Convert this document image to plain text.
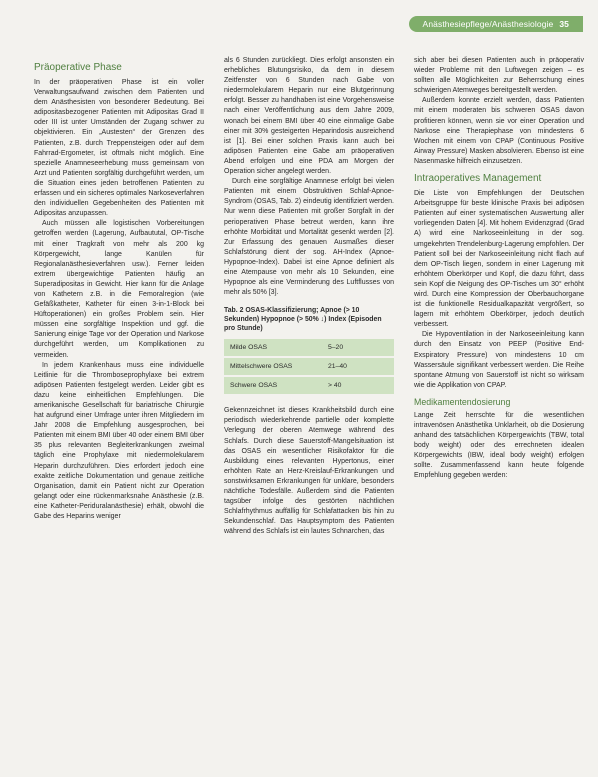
Anästhesiepflege/Anästhesiologie 35
Präoperative Phase

In der präoperativen Phase ist ein voller Verwaltungsaufwand zwischen dem Patienten und dem Anästhesisten von besonderer Bedeutung. Bei adipositasbezogener Patienten mit Adipositas Grad II oder III ist unter Umständen der Zugang schwer zu objektivieren. Ein „Austesten“ der Grenzen des Patienten, z.B. durch Treppensteigen oder auf dem Fahrrad-Ergometer, ist oftmals nicht möglich. Eine spezielle Anamneseerhebung muss gemeinsam von Arzt und Patienten sorgfältig durchgeführt werden, um die Situation eines jeden betroffenen Patienten zu erfassen und ein sicheres optimales Narkoseverfahren den individuellen Gegebenheiten des Patienten mit Adipositas anzupassen.

Auch müssen alle logistischen Vorbereitungen getroffen werden (Lagerung, Aufbaututal, OP-Tische mit einer Tragkraft von mehr als 200 kg Körpergewicht, lange Kanülen für Regionalanästhesieverfahren usw.). Ferner leiden extrem übergewichtige Patienten häufig an Superadipositas in Gewicht. Hier kann für die Anlage von Kathetern z.B. in die Femoralregion (wie Gefäßkatheter, Katheter für einen 3-in-1-Block bei Hüftoperationen) ein großes Problem sein. Hier müssen eine sorgfältige Inspektion und ggf. die Sanierung einige Tage vor der Operation und Narkose durchgeführt werden, um Komplikationen zu vermeiden.

In jedem Krankenhaus muss eine individuelle Leitlinie für die Thromboseprophylaxe bei extrem adipösen Patienten festgelegt werden. Leider gibt es dazu keine einheitlichen Empfehlungen. Die amerikanische Gesellschaft für bariatrische Chirurgie hat aufgrund einer Umfrage unter ihren Mitgliedern im Jahr 2008 die Empfehlung ausgesprochen, bei Patienten mit einem BMI über 40 oder einem BMI über 35 plus relevanten Begleiterkrankungen zweimal täglich eine Prophylaxe mit niedermolekularem Heparin durchzuführen. Dies erfordert jedoch eine exakte zeitliche Dokumentation und genaue zeitliche Organisation, damit ein Patient nicht zur Operation gelangt oder eine rückenmarksnahe Anästhesie (z.B. eine Katheter-Periduralanästhesie) erhält, obwohl die Gabe des Heparins weniger

als 6 Stunden zurückliegt. Dies erfolgt ansonsten ein erhebliches Blutungsrisiko, da dem in diesem Zeitfenster von 6 Stunden nach Gabe von niedermolekularem Heparin nur eine Blutgerinnung erfolgt. Besser zu handhaben ist eine Vorgehensweise nach einer Veröffentlichung aus dem Jahre 2009, wonach bei einem BMI über 40 eine einmalige Gabe einer mit 30% gesteigerten Heparindosis ausreichend ist [1]. Bei einer solchen Praxis kann auch bei adipösen Patienten eine Gabe am präoperativen Abend erfolgen und eine PDA am Morgen der Operation sicher angelegt werden.

Durch eine sorgfältige Anamnese erfolgt bei vielen Patienten mit einem Obstruktiven Schlaf-Apnoe-Syndrom (OSAS, Tab. 2) eindeutig identifiziert werden. Nur wenn diese Patienten mit großer Sorgfalt in der perioperativen Phase betreut werden, kann ihre erhöhte Morbidität und Mortalität gesenkt werden [2]. Zur Erfassung des genauen Ausmaßes dieser Schlafstörung dient der sog. AH-Index (Apnoe-Hypopnoe-Index). Dabei ist eine Apnoe definiert als eine Atempause von mehr als 10 Sekunden, eine Hypopnoe als eine Verminderung des Luftflusses von mehr als 50% [3].

Tab. 2 OSAS-Klassifizierung; Apnoe (> 10 Sekunden) Hypopnoe (> 50% ↓) Index (Episoden pro Stunde)
Milde OSAS	5–20
Mittelschwere OSAS	21–40
Schwere OSAS	> 40

Gekennzeichnet ist dieses Krankheitsbild durch eine periodisch wiederkehrende partielle oder komplette Verlegung der oberen Atemwege während des Schlafs. Durch diese Sauerstoff-Mangelsituation ist das OSAS ein wesentlicher Risikofaktor für die Ausbildung eines relevanten Hypertonus, einer erhöhten Rate an Herz-Kreislauf-Erkrankungen und sonstwirksamen Erkrankungen für unklare, besonders nächtliche Todesfälle. Außerdem sind die Patienten tagsüber infolge des gestörten nächtlichen Schlafrhythmus auffällig für Schlafattacken bis hin zu Sekundenschlaf. Das Hauptsymptom des Patienten während des Schlafs ist ein lautes Schnarchen, das

sich aber bei diesen Patienten auch in präoperativ wieder Probleme mit den Luftwegen zeigen – es sollten alle Möglichkeiten zur Beherrschung eines schwierigen Atemweges bereitgestellt werden.

Außerdem konnte erzielt werden, dass Patienten mit einem moderaten bis schweren OSAS davon profitieren können, wenn sie vor einer Operation und Narkose eine Therapiephase von mindestens 6 Wochen mit einem von CPAP (Continuous Positive Airway Pressure) Masken absolvieren. Ebenso ist eine Nasenmaske hilfreich einzusetzen.

Intraoperatives Management

Die Liste von Empfehlungen der Deutschen Arbeitsgruppe für beste klinische Praxis bei adipösen Patienten auf einer systematischen Auswertung aller vorliegenden Daten [4]. Mit hohem Evidenzgrad (Grad A) wird eine Narkoseeinleitung in der sog. umgekehrten Trendelenburg-Lagerung empfohlen. Der Patient soll bei der Narkoseeinleitung nicht flach auf dem OP-Tisch liegen, sondern in einer Lagerung mit erhöhtem Oberkörper und Kopf, die dazu führt, dass sein Kopf die Neigung des OP-Tisches um 30° erhöht wird. Durch eine Kompression der Oberbauchorgane ist die funktionelle Residualkapazität vergrößert, so lagern mit erhöhtem Oberkörper, jedoch deutlich verbessert.

Die Hypoventilation in der Narkoseeinleitung kann durch den Einsatz von PEEP (Positive End-Exspiratory Pressure) von mindestens 10 cm Wassersäule signifikant verbessert werden. Die Reihe spontane Atmung von Sauerstoff ist nicht so wirksam wie die Applikation von CPAP.

Medikamentendosierung

Lange Zeit herrschte für die wesentlichen intravenösen Anästhetika Unklarheit, ob die Dosierung anhand des tatsächlichen Körpergewichts (TBW, total body weight) oder des errechneten idealen Körpergewichts (IBW, ideal body weight) erfolgen sollte. Zusammenfassend kann heute folgende Empfehlung gegeben werden:
